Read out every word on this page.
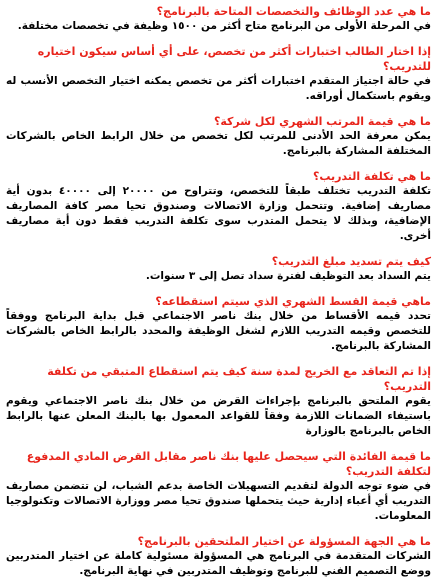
ما هي عدد الوظائف والتخصصات المتاحة بالبرنامج؟

في المرحلة الأولى من البرنامج متاح أكثر من ١٥٠٠ وظيفة في تخصصات مختلفة.

إذا اختار الطالب اختبارات أكثر من تخصص، على أي أساس سيكون اختياره للتدريب؟

في حالة اجتياز المتقدم اختبارات أكثر من تخصص يمكنه اختيار التخصص الأنسب له ويقوم باستكمال أوراقه.

ما هي قيمة المرتب الشهري لكل شركة؟

يمكن معرفة الحد الأدنى للمرتب لكل تخصص من خلال الرابط الخاص بالشركات المختلفة المشاركة بالبرنامج.

ما هي تكلفة التدريب؟

تكلفة التدريب تختلف طبقاً للتخصص، وتتراوح من ٢٠٠٠٠ إلى ٤٠٠٠٠ بدون أية مصاريف إضافية. وتتحمل وزارة الاتصالات وصندوق تحيا مصر كافة المصاريف الإضافية، وبذلك لا يتحمل المتدرب سوى تكلفة التدريب فقط دون أية مصاريف أخرى.

كيف يتم تسديد مبلغ التدريب؟

يتم السداد بعد التوظيف لفترة سداد تصل إلى ٣ سنوات.

ماهي قيمة القسط الشهري الذي سيتم استقطاعه؟

تحدد قيمه الأقساط من خلال بنك ناصر الاجتماعي قبل بداية البرنامج ووفقاً للتخصص وقيمه التدريب اللازم لشغل الوظيفة والمحدد بالرابط الخاص بالشركات المشاركة بالبرنامج.

إذا تم التعاقد مع الخريج لمدة سنة كيف يتم استقطاع المتبقي من تكلفة التدريب؟

يقوم الملتحق بالبرنامج بإجراءات القرض من خلال بنك ناصر الاجتماعي ويقوم باستيفاء الضمانات اللازمة وفقاً للقواعد المعمول بها بالبنك المعلن عنها بالرابط الخاص بالبرنامج بالوزارة

ما قيمة الفائدة التي سيحصل عليها بنك ناصر مقابل القرض المادي المدفوع لتكلفة التدريب؟

في ضوء توجه الدولة لتقديم التسهيلات الخاصة بدعم الشباب، لن تتضمن مصاريف التدريب أي أعباء إدارية حيث يتحملها صندوق تحيا مصر ووزارة الاتصالات وتكنولوجيا المعلومات.

ما هي الجهة المسؤولة عن اختيار الملتحقين بالبرنامج؟

الشركات المتقدمة في البرنامج هي المسؤولة مسئولية كاملة عن اختيار المتدربين ووضع التصميم الفني للبرنامج وتوظيف المتدربين في نهاية البرنامج.
